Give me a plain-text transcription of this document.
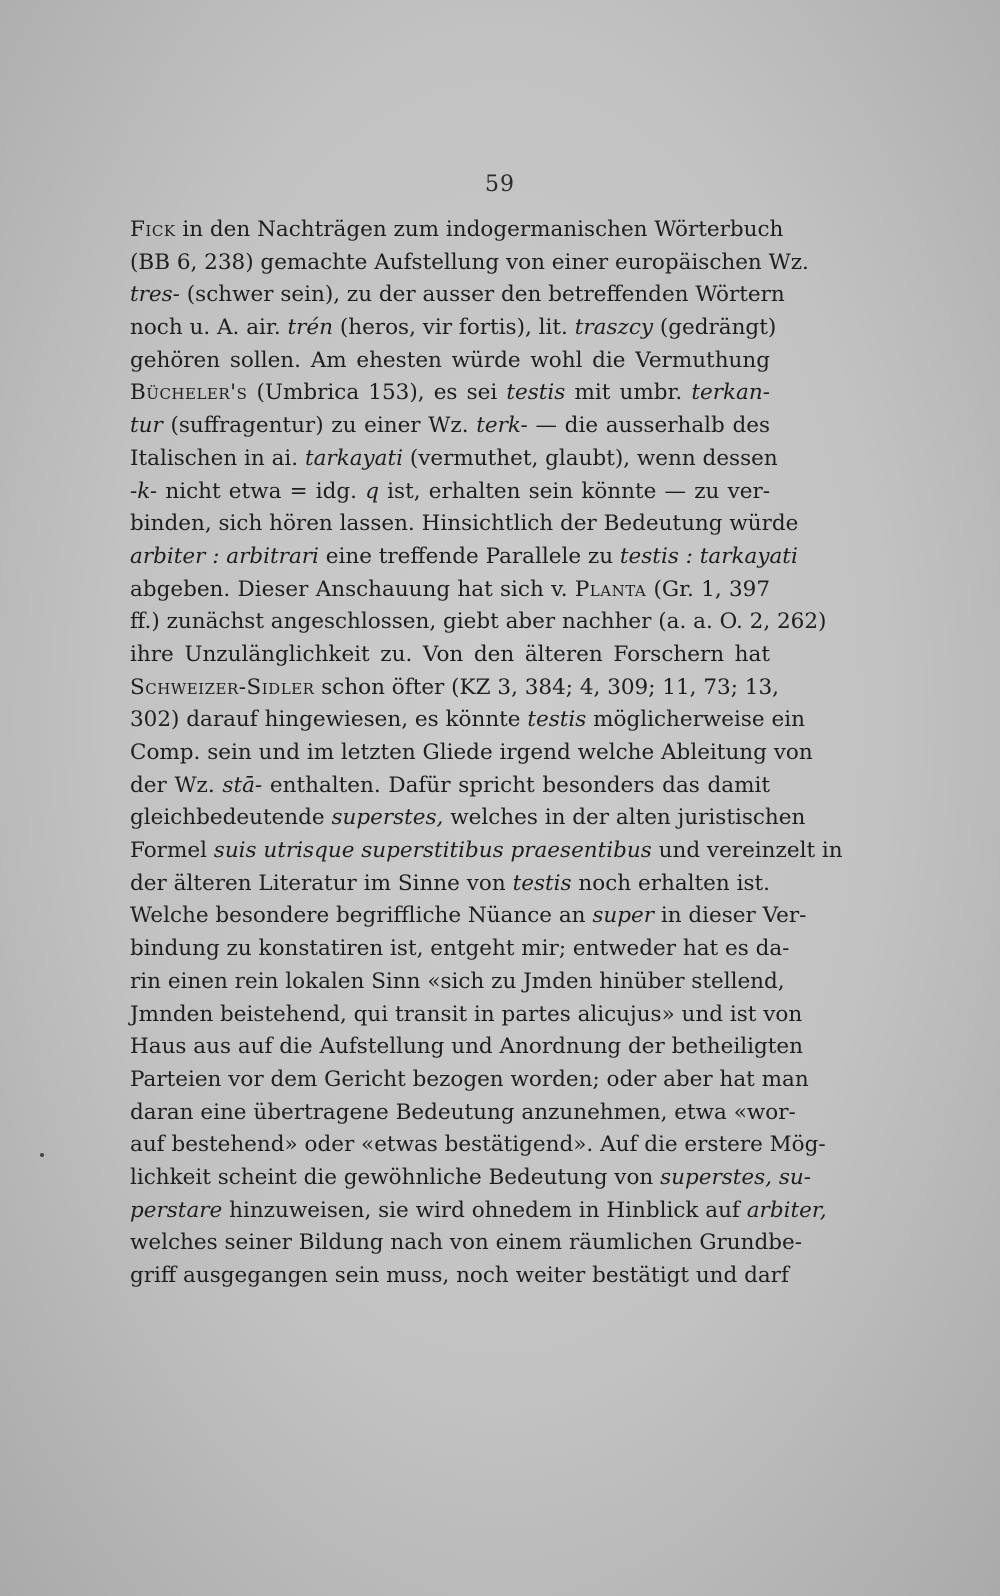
59
Fick in den Nachträgen zum indogermanischen Wörterbuch
(BB 6, 238) gemachte Aufstellung von einer europäischen Wz.
tres- (schwer sein), zu der ausser den betreffenden Wörtern
noch u. A. air. trén (heros, vir fortis), lit. traszcy (gedrängt)
gehören sollen. Am ehesten würde wohl die Vermuthung
Bücheler's (Umbrica 153), es sei testis mit umbr. terkan-
tur (suffragentur) zu einer Wz. terk- — die ausserhalb des
Italischen in ai. tarkayati (vermuthet, glaubt), wenn dessen
-k- nicht etwa = idg. q ist, erhalten sein könnte — zu ver-
binden, sich hören lassen. Hinsichtlich der Bedeutung würde
arbiter : arbitrari eine treffende Parallele zu testis : tarkayati
abgeben. Dieser Anschauung hat sich v. Planta (Gr. 1, 397
ff.) zunächst angeschlossen, giebt aber nachher (a. a. O. 2, 262)
ihre Unzulänglichkeit zu. Von den älteren Forschern hat
Schweizer-Sidler schon öfter (KZ 3, 384; 4, 309; 11, 73; 13,
302) darauf hingewiesen, es könnte testis möglicherweise ein
Comp. sein und im letzten Gliede irgend welche Ableitung von
der Wz. stā- enthalten. Dafür spricht besonders das damit
gleichbedeutende superstes, welches in der alten juristischen
Formel suis utrisque superstitibus praesentibus und vereinzelt in
der älteren Literatur im Sinne von testis noch erhalten ist.
Welche besondere begriffliche Nüance an super in dieser Ver-
bindung zu konstatiren ist, entgeht mir; entweder hat es da-
rin einen rein lokalen Sinn «sich zu Jmden hinüber stellend,
Jmnden beistehend, qui transit in partes alicujus» und ist von
Haus aus auf die Aufstellung und Anordnung der betheiligten
Parteien vor dem Gericht bezogen worden; oder aber hat man
daran eine übertragene Bedeutung anzunehmen, etwa «wor-
auf bestehend» oder «etwas bestätigend». Auf die erstere Mög-
lichkeit scheint die gewöhnliche Bedeutung von superstes, su-
perstare hinzuweisen, sie wird ohnedem in Hinblick auf arbiter,
welches seiner Bildung nach von einem räumlichen Grundbe-
griff ausgegangen sein muss, noch weiter bestätigt und darf
